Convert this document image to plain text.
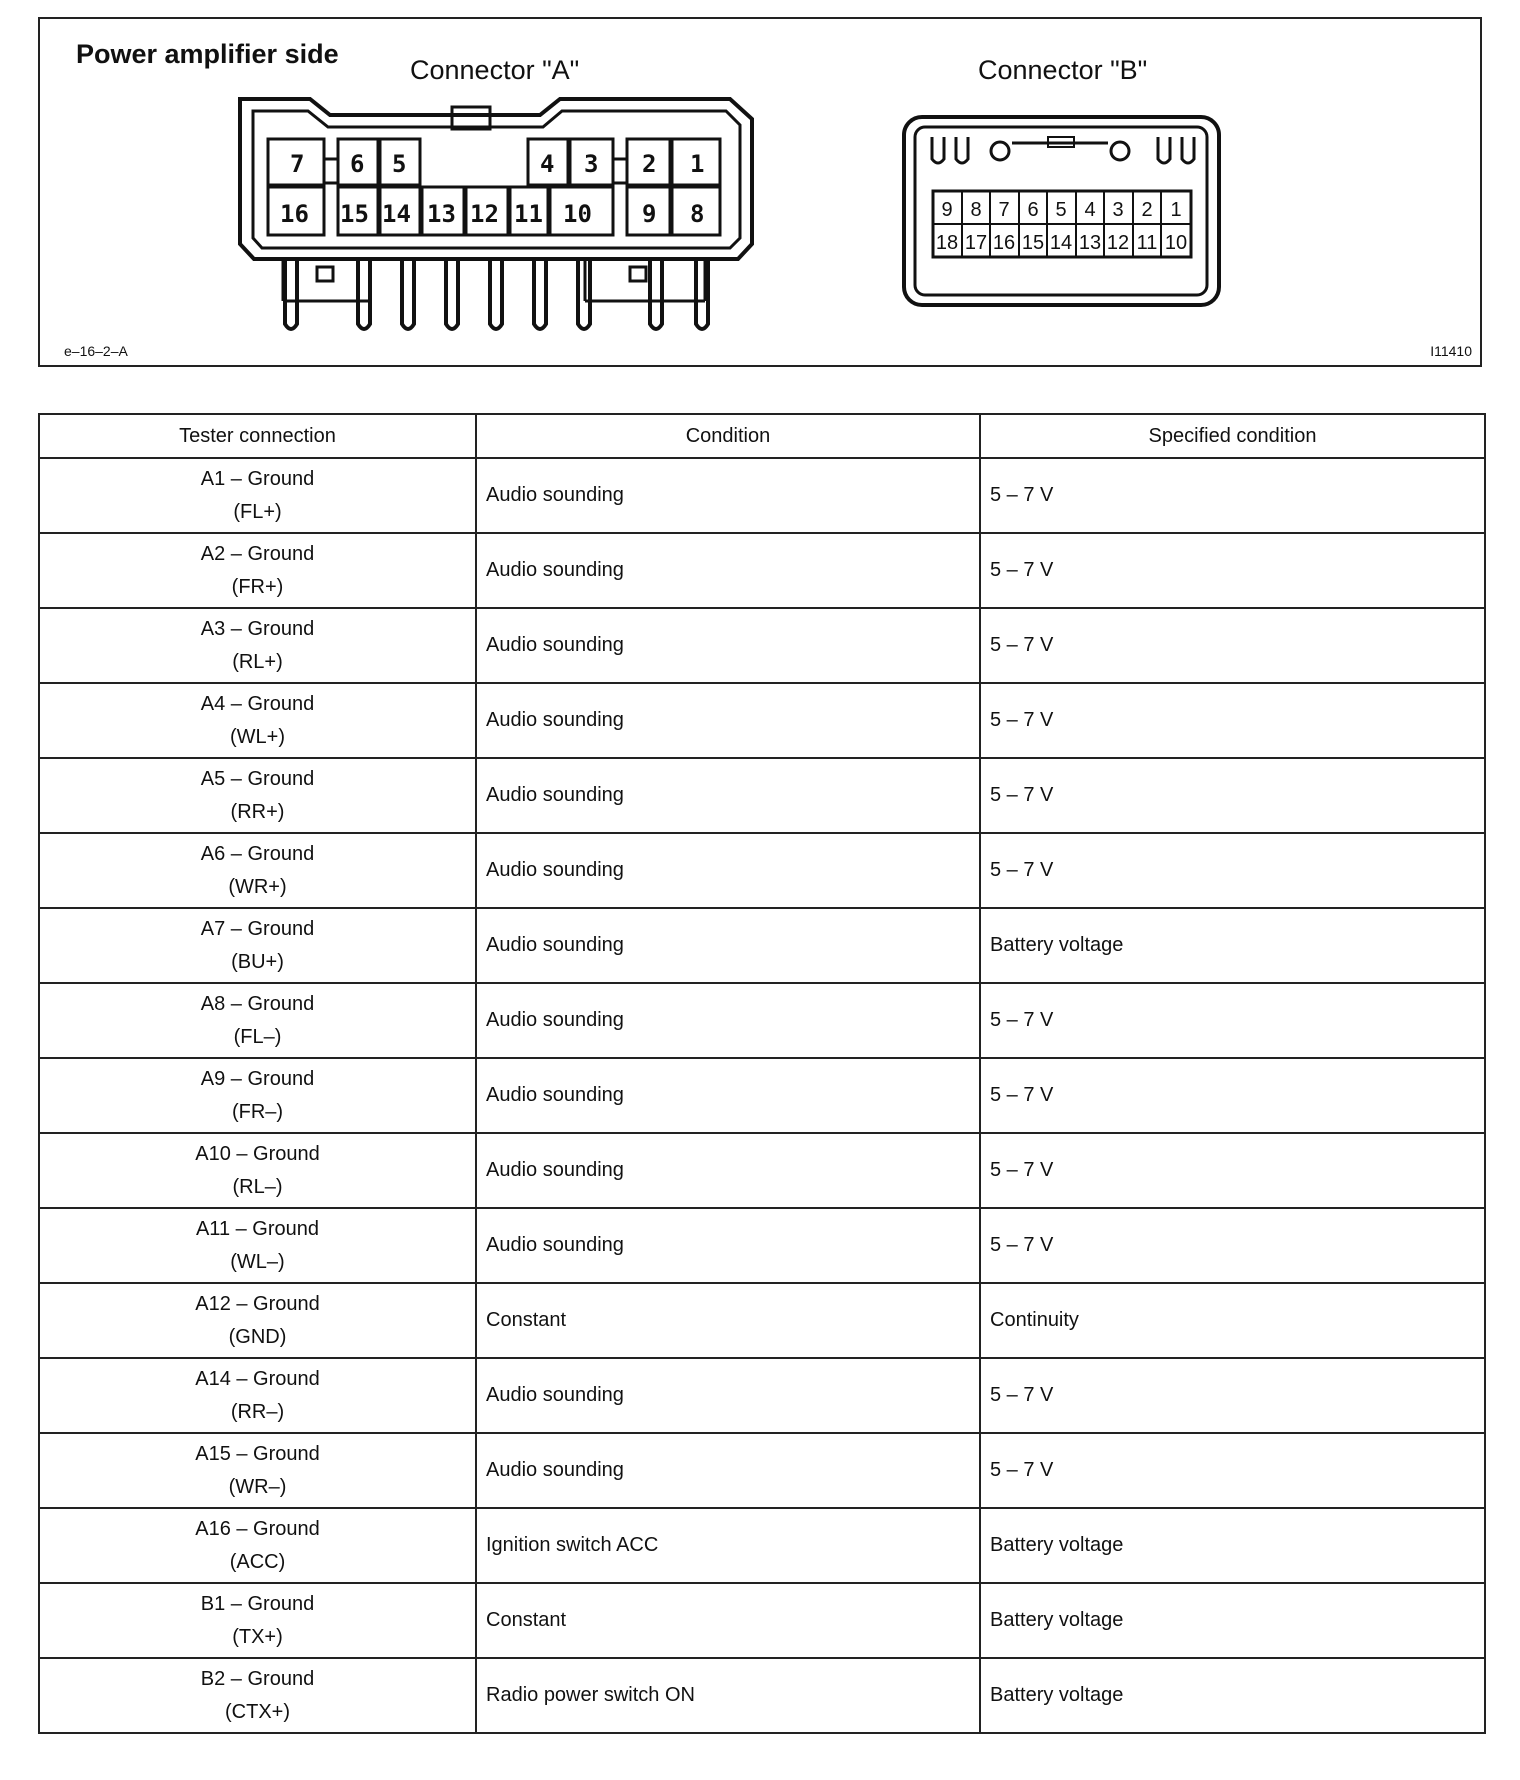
7 6 5	4 3 2 1
16 15 14 13 12 11 10 9 8	9 8 7 6 5 4 3 2 1
18 17 16 15 14 13 12 11 10
Power amplifier side
Connector "A"	Connector "B"
e–16–2–A	I11410
Tester connection	Condition	Specified condition

A1 – Ground
(FL+)	Audio sounding	5 – 7 V

A2 – Ground
(FR+)	Audio sounding	5 – 7 V

A3 – Ground
(RL+)	Audio sounding	5 – 7 V

A4 – Ground
(WL+)	Audio sounding	5 – 7 V

A5 – Ground
(RR+)	Audio sounding	5 – 7 V

A6 – Ground
(WR+)	Audio sounding	5 – 7 V

A7 – Ground
(BU+)	Audio sounding	Battery voltage

A8 – Ground
(FL–)	Audio sounding	5 – 7 V

A9 – Ground
(FR–)	Audio sounding	5 – 7 V

A10 – Ground
(RL–)	Audio sounding	5 – 7 V

A11 – Ground
(WL–)	Audio sounding	5 – 7 V

A12 – Ground
(GND)	Constant	Continuity

A14 – Ground
(RR–)	Audio sounding	5 – 7 V

A15 – Ground
(WR–)	Audio sounding	5 – 7 V

A16 – Ground
(ACC)	Ignition switch ACC	Battery voltage

B1 – Ground
(TX+)	Constant	Battery voltage

B2 – Ground
(CTX+)	Radio power switch ON	Battery voltage
